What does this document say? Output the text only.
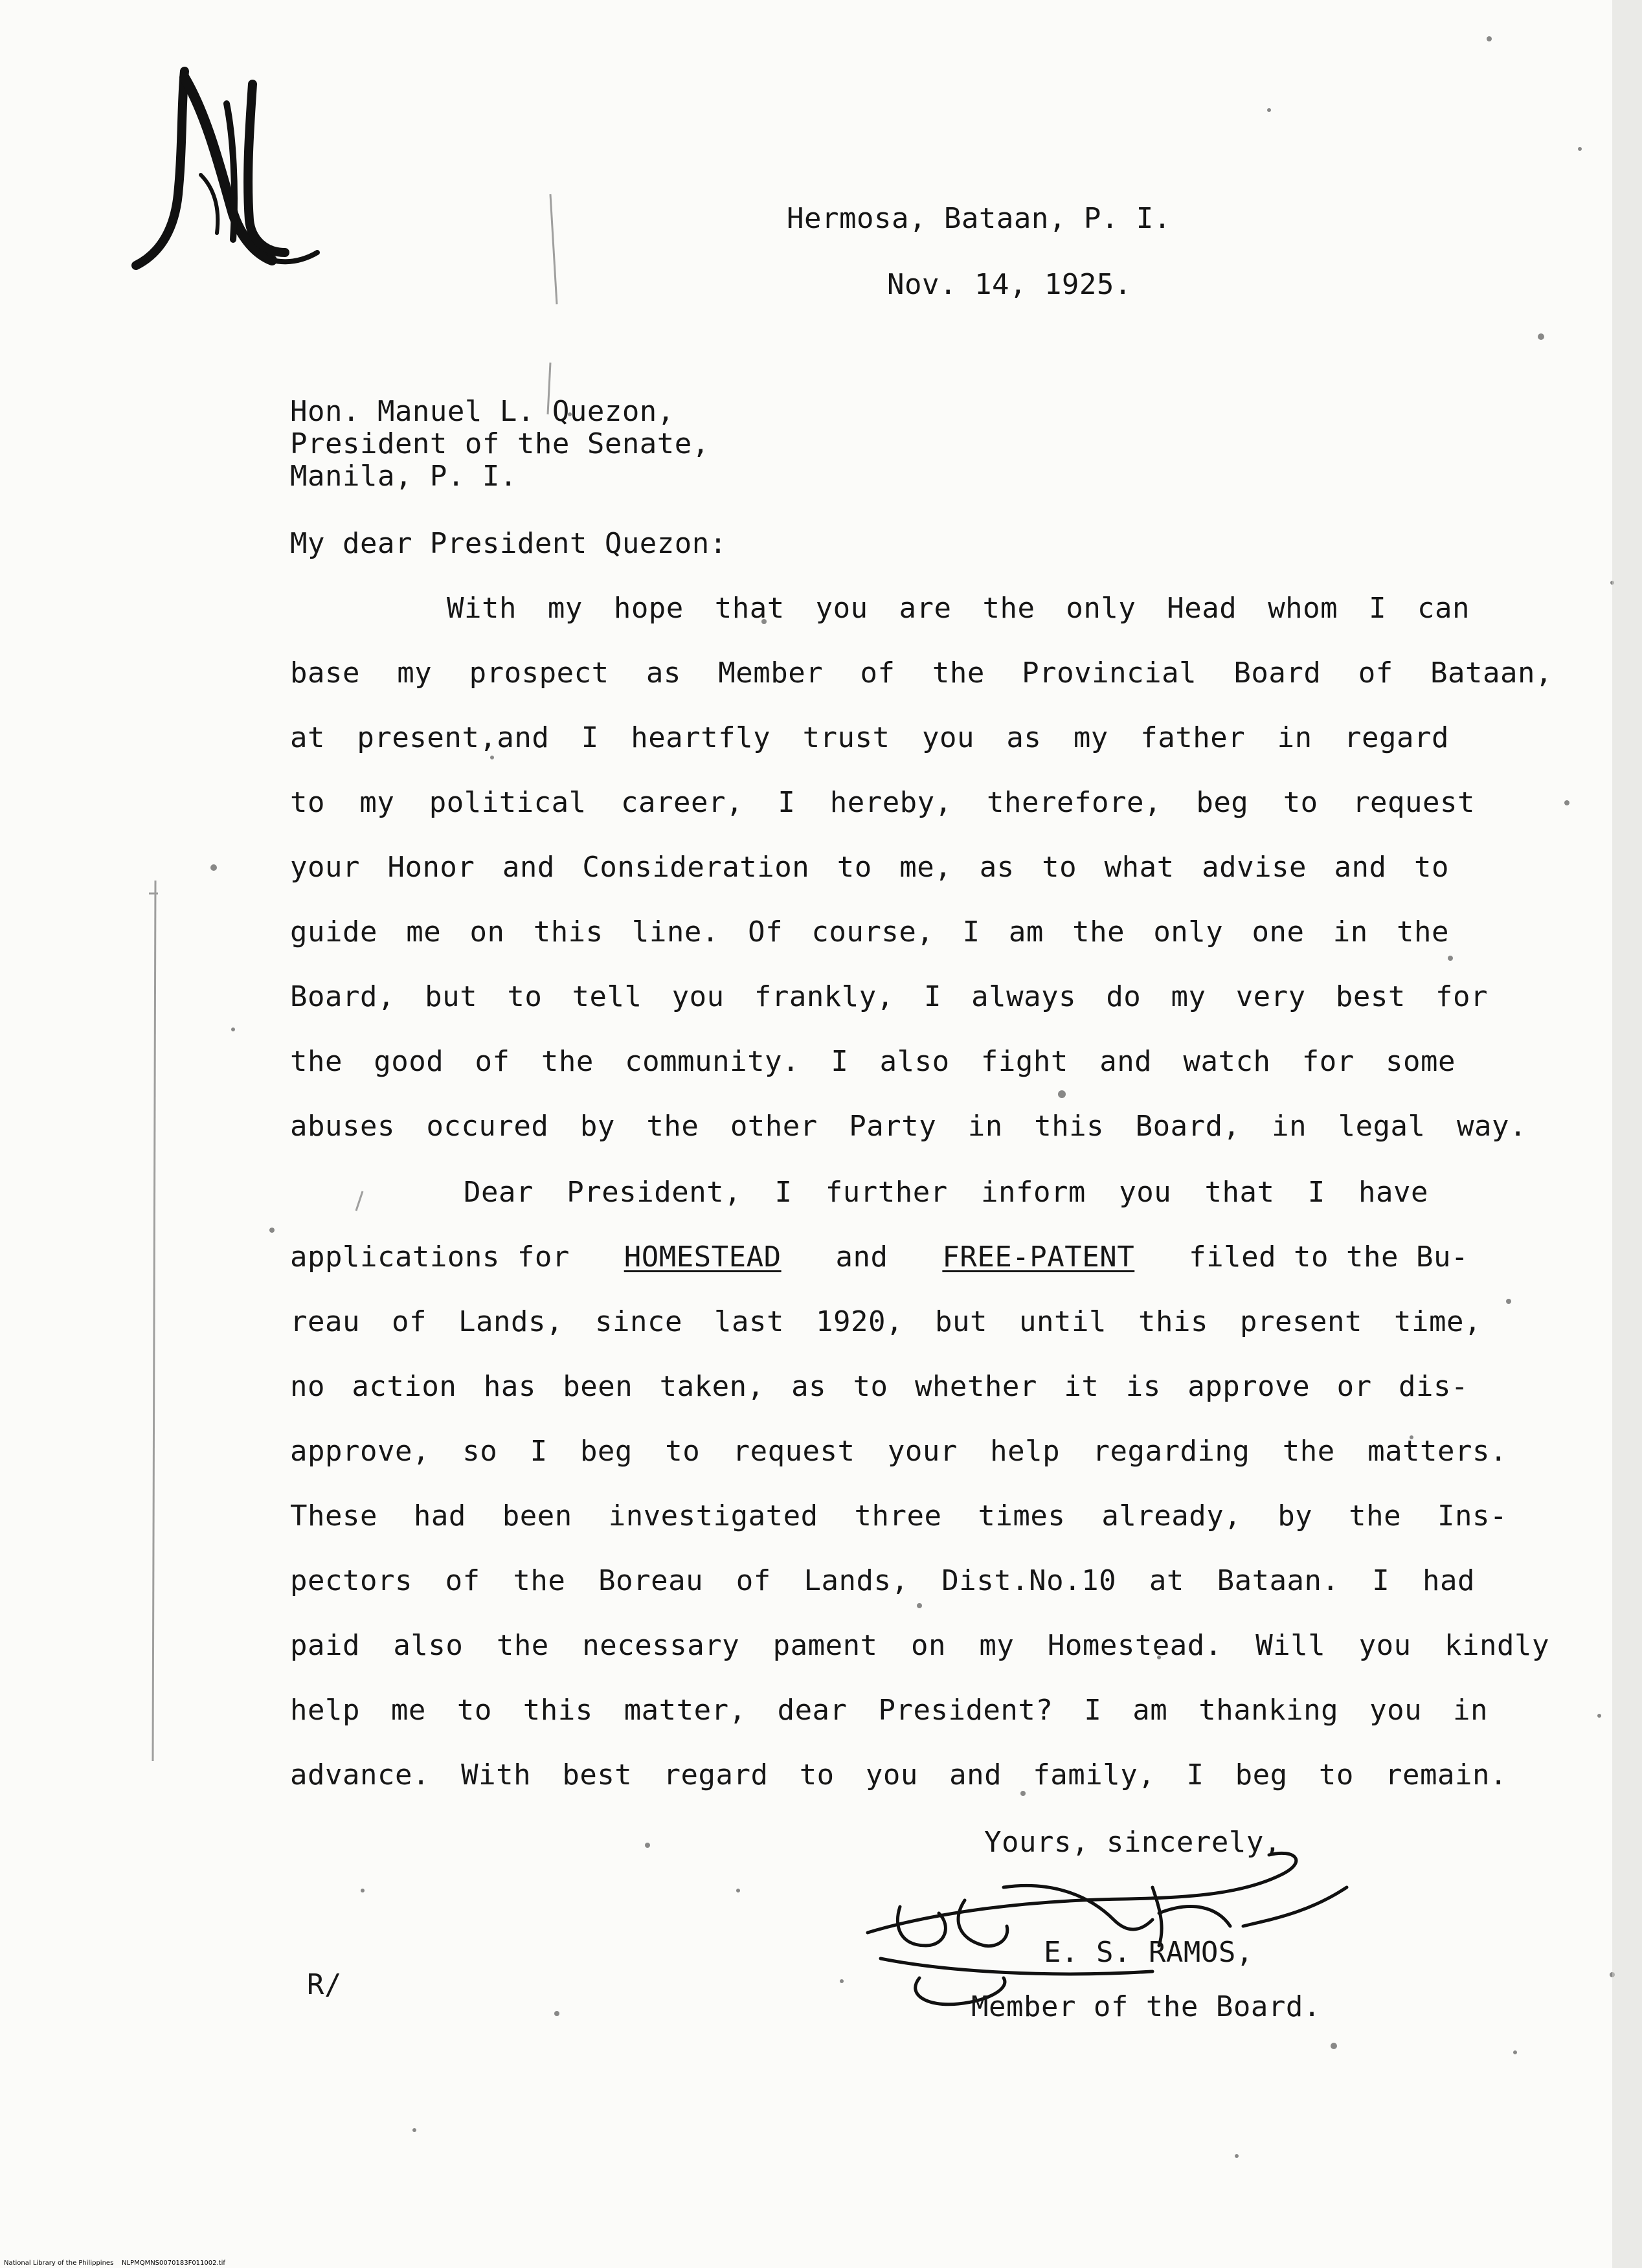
Hermosa, Bataan, P. I.
Nov. 14, 1925.
Hon. Manuel L. Quezon,
President of the Senate,
Manila, P. I.
My dear President Quezon:
With my hope that you are the only Head whom I can
base my prospect as Member of the Provincial Board of Bataan,
at present,and I heartfly trust you as my father in regard
to my political career, I hereby, therefore, beg to request
your Honor and Consideration to me, as to what advise and to
guide me on this line. Of course, I am the only one in the
Board, but to tell you frankly, I always do my very best for
the good of the community. I also fight and watch for some
abuses occured by the other Party in this Board, in legal way.
Dear President, I further inform you that I have
applications for HOMESTEAD and FREE-PATENT filed to the Bu-
reau of Lands, since last 1920, but until this present time,
no action has been taken, as to whether it is approve or dis-
approve, so I beg to request your help regarding the matters.
These had been investigated three times already, by the Ins-
pectors of the Boreau of Lands, Dist.No.10 at Bataan. I had
paid also the necessary pament on my Homestead. Will you kindly
help me to this matter, dear President? I am thanking you in
advance. With best regard to you and family, I beg to remain.
Yours, sincerely,
E. S. RAMOS,
Member of the Board.
R/
National Library of the Philippines    NLPMQMNS0070183F011002.tif
